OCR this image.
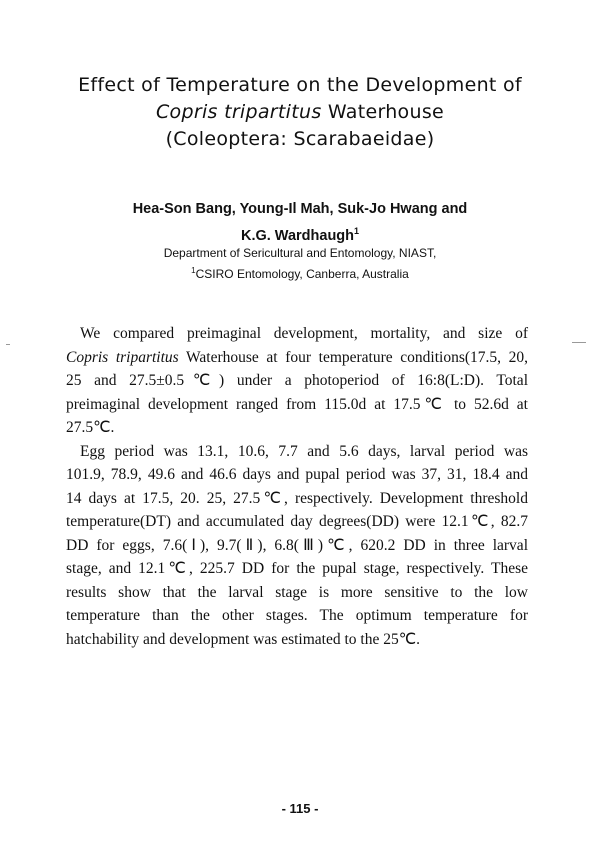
Effect of Temperature on the Development of
Copris tripartitus Waterhouse
(Coleoptera: Scarabaeidae)
Hea-Son Bang, Young-Il Mah, Suk-Jo Hwang and
K.G. Wardhaugh$^1$
Department of Sericultural and Entomology, NIAST,
$^1$CSIRO Entomology, Canberra, Australia

We compared preimaginal development, mortality, and size of
Copris tripartitus Waterhouse at four temperature conditions(17.5, 20,
25 and 27.5±0.5℃) under a photoperiod of 16:8(L:D). Total
preimaginal development ranged from 115.0d at 17.5℃ to 52.6d at
27.5℃.

Egg period was 13.1, 10.6, 7.7 and 5.6 days, larval period was
101.9, 78.9, 49.6 and 46.6 days and pupal period was 37, 31, 18.4 and
14 days at 17.5, 20. 25, 27.5℃, respectively. Development threshold
temperature(DT) and accumulated day degrees(DD) were 12.1℃, 82.7
DD for eggs, 7.6(Ⅰ), 9.7(Ⅱ), 6.8(Ⅲ)℃, 620.2 DD in three larval
stage, and 12.1℃, 225.7 DD for the pupal stage, respectively. These
results show that the larval stage is more sensitive to the low
temperature than the other stages. The optimum temperature for
hatchability and development was estimated to the 25℃.

- 115 -
